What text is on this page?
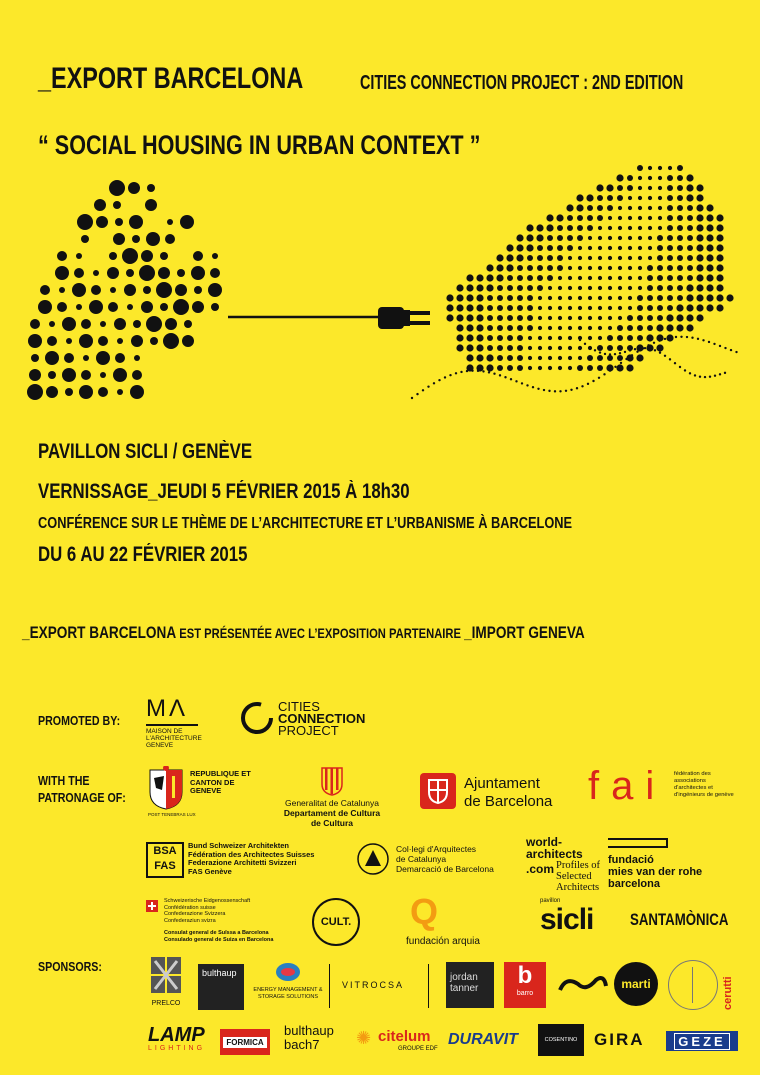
_EXPORT BARCELONA	CITIES CONNECTION PROJECT : 2ND EDITION
“ SOCIAL HOUSING IN URBAN CONTEXT ”
PAVILLON SICLI / GENÈVE
VERNISSAGE_JEUDI 5 FÉVRIER 2015 À 18h30
CONFÉRENCE SUR LE THÈME DE L’ARCHITECTURE ET L’URBANISME À BARCELONE
DU 6 AU 22 FÉVRIER 2015
_EXPORT BARCELONA EST PRÉSENTÉE AVEC L’EXPOSITION PARTENAIRE _IMPORT GENEVA
PROMOTED BY:
WITH THE PATRONAGE OF:
SPONSORS:
MΛ
MAISON DE L'ARCHITECTURE GENEVE
CITIES
CONNECTION
PROJECT
REPUBLIQUE ET CANTON DE GENEVE
POST TENEBRAS LUX
Generalitat de Catalunya
Departament de Cultura
de Cultura
Ajuntament
de Barcelona fai fédération des associations d'architectes et d'ingénieurs de genève
BSA FAS
Bund Schweizer Architekten
Fédération des Architectes Suisses
Federazione Architetti Svizzeri
FAS Genève
Col·legi d'Arquitectes
de Catalunya
Demarcació de Barcelona
world-
architects
.com Profiles of Selected Architects
fundació
mies van der rohe
barcelona
Schweizerische Eidgenossenschaft
Confédération suisse
Confederazione Svizzera
Confederaziun svizra
Consulat general de Suïssa a Barcelona
Consulado general de Suiza en Barcelona
CULT. Q
fundación arquia
pavillon
sicli SANTAMÒNICA
PRELCO
bulthaup
ENERGY MANAGEMENT & STORAGE SOLUTIONS
VITROCSA
jordan tanner	b
barro
marti	cerutti
LAMP
LIGHTING
FORMICA
bulthaup
bach7	✺ citelum
GROUPE EDF
DURAVIT	COSENTINO GIRA	GEZE
